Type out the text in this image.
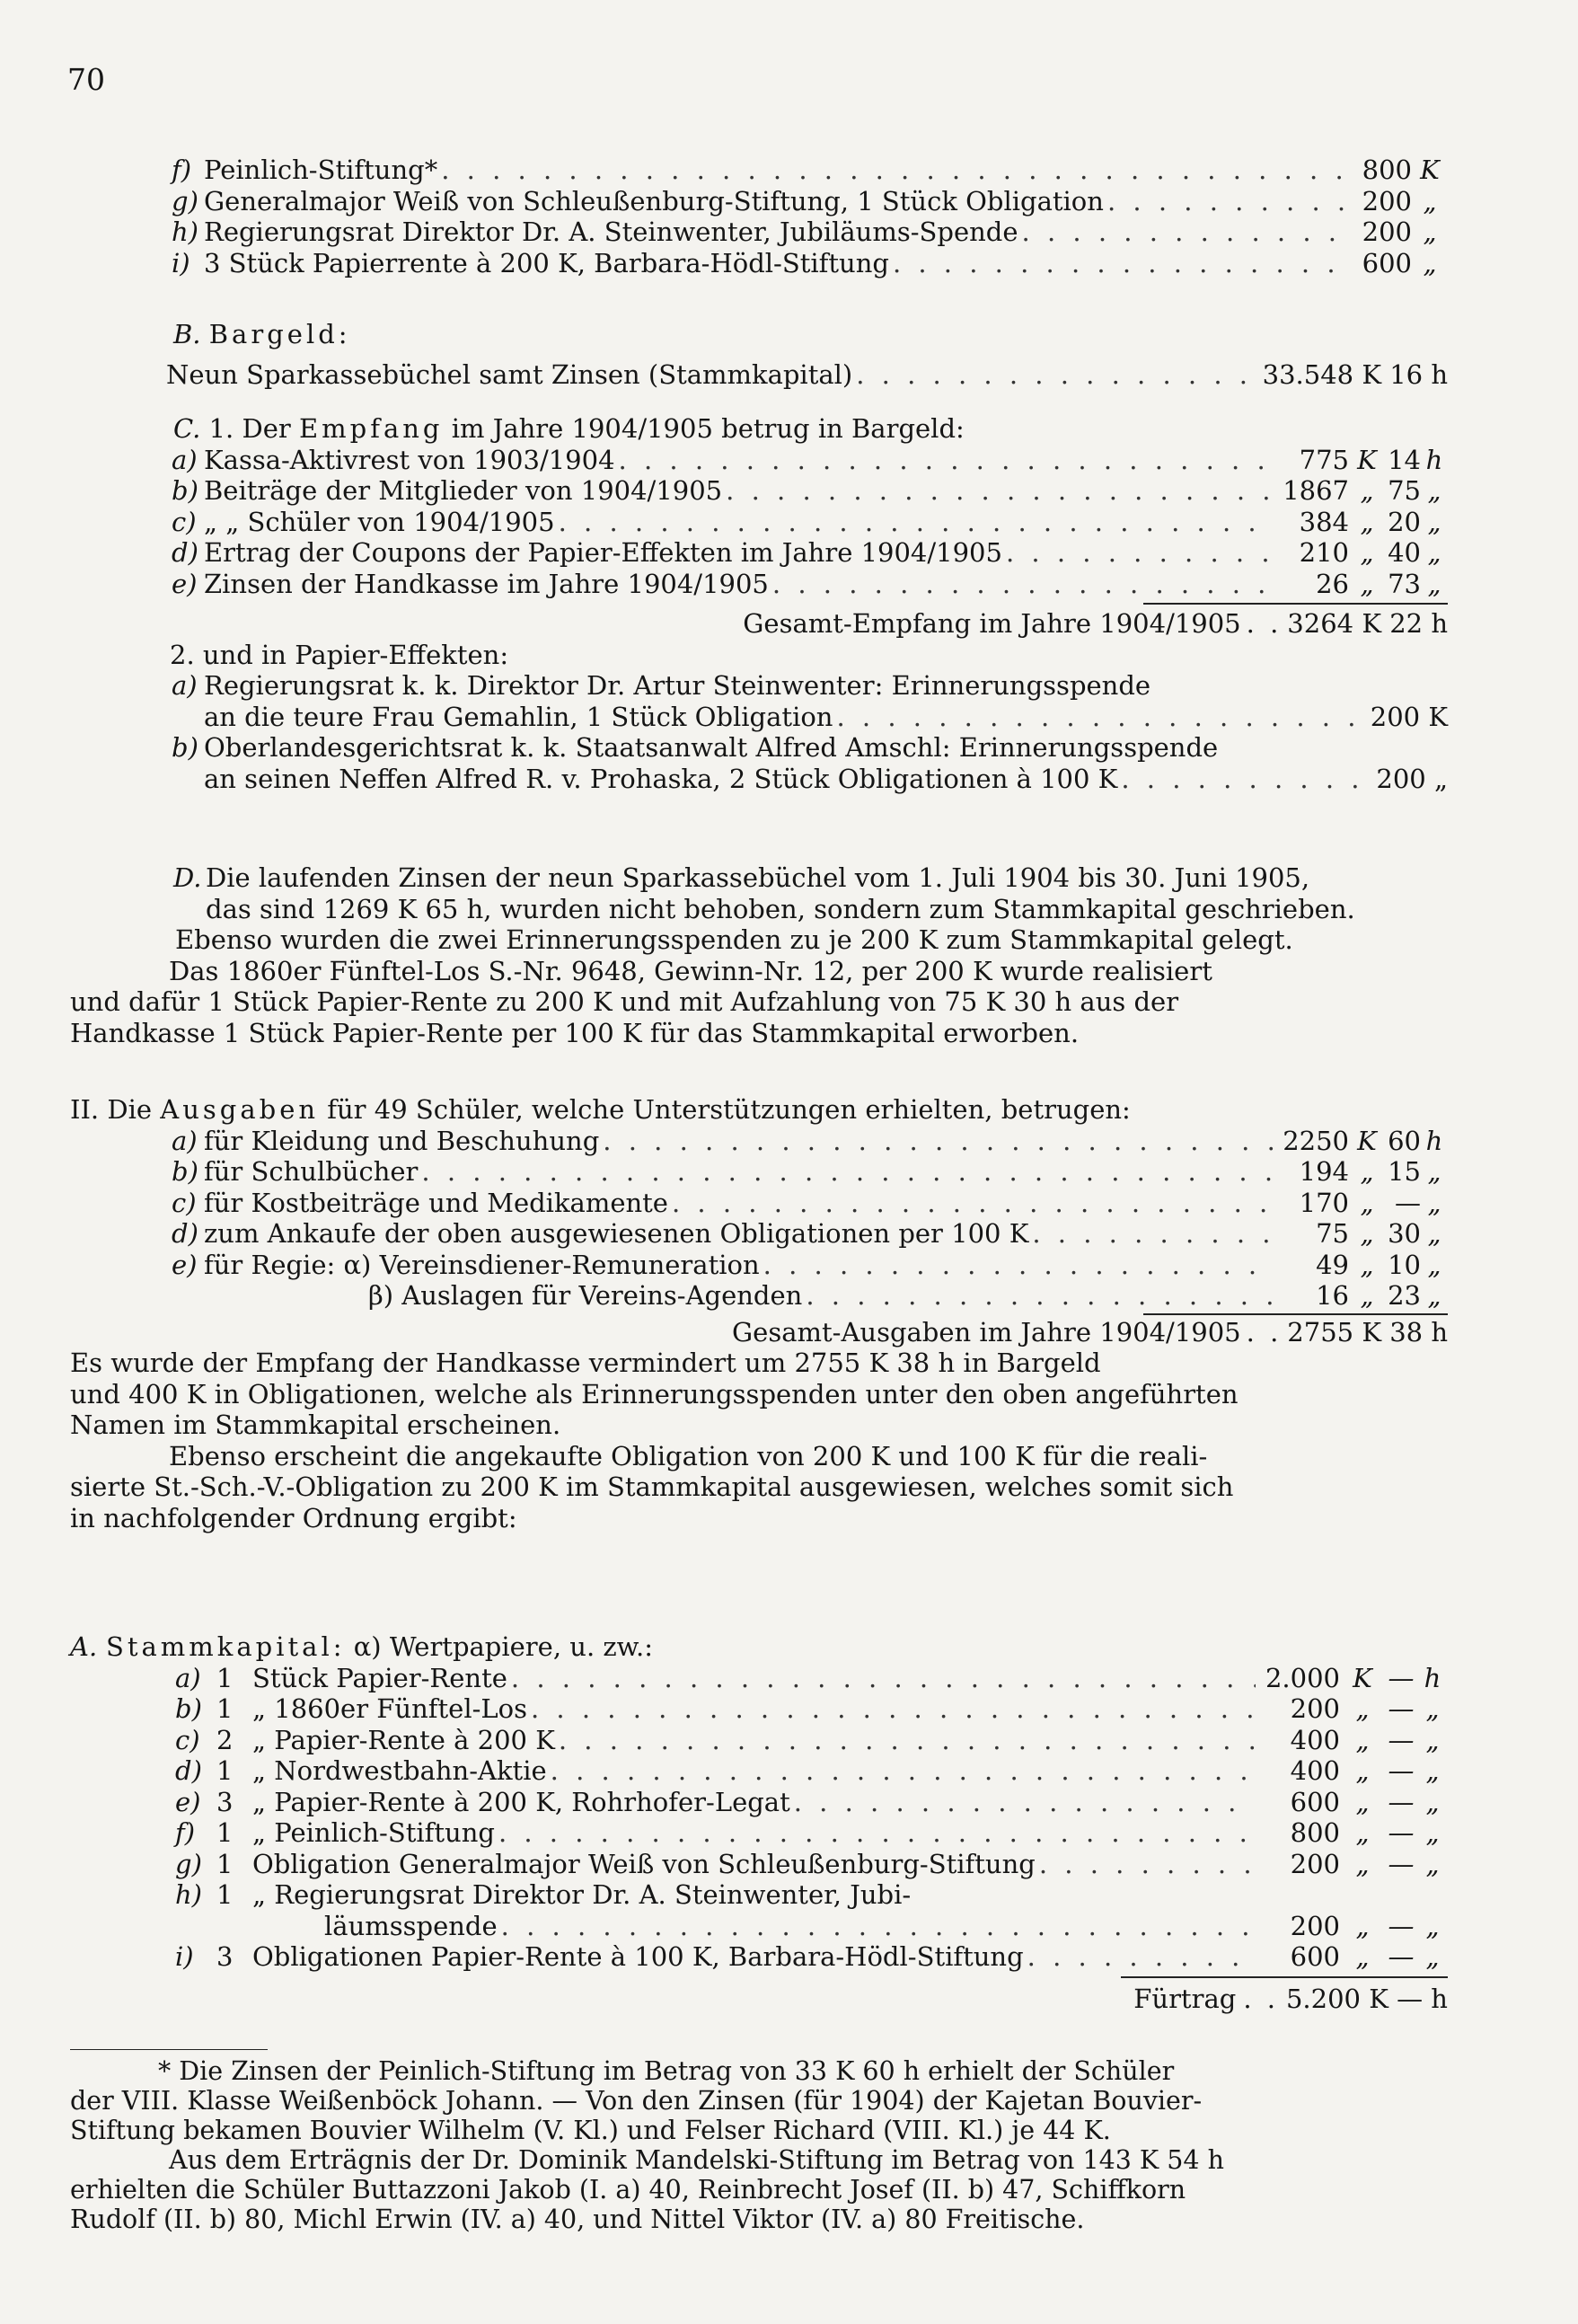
70
f) Peinlich-Stiftung* . . .	800 K
g) Generalmajor Weiß von Schleußenburg-Stiftung, 1 Stück Obligation . . .	200 „
h) Regierungsrat Direktor Dr. A. Steinwenter, Jubiläums-Spende . . .	200 „
i) 3 Stück Papierrente à 200 K, Barbara-Hödl-Stiftung . . .	600 „
B.
Bargeld:
Neun Sparkassebüchel samt Zinsen (Stammkapital) . . .	33.548 K 16 h
C.
1.
Der
Empfang
im Jahre 1904/1905 betrug in Bargeld:
a) Kassa-Aktivrest von 1903/1904 . . .	775 K 14 h
b) Beiträge der Mitglieder von 1904/1905 . . .	1867 „ 75 „
c) „ „ Schüler von 1904/1905 . . .	384 „ 20 „
d) Ertrag der Coupons der Papier-Effekten im Jahre 1904/1905 . . .	210 „ 40 „
e) Zinsen der Handkasse im Jahre 1904/1905 . . .	26 „ 73 „
Gesamt-Empfang im Jahre 1904/1905 . . 3264 K 22 h
2. und in Papier-Effekten:
a) Regierungsrat k. k. Direktor Dr. Artur Steinwenter: Erinnerungsspende
an die teure Frau Gemahlin, 1 Stück Obligation . . .	200 K
b) Oberlandesgerichtsrat k. k. Staatsanwalt Alfred Amschl: Erinnerungsspende
an seinen Neffen Alfred R. v. Prohaska, 2 Stück Obligationen à 100 K . . .	200 „
D. Die laufenden Zinsen der neun Sparkassebüchel vom 1. Juli 1904 bis 30. Juni 1905,
das sind 1269 K 65 h, wurden nicht behoben, sondern zum Stammkapital geschrieben.
Ebenso wurden die zwei Erinnerungsspenden zu je 200 K zum Stammkapital gelegt.
Das 1860er Fünftel-Los S.-Nr. 9648, Gewinn-Nr. 12, per 200 K wurde realisiert
und dafür 1 Stück Papier-Rente zu 200 K und mit Aufzahlung von 75 K 30 h aus der
Handkasse 1 Stück Papier-Rente per 100 K für das Stammkapital erworben.
II.
Die
Ausgaben
für 49 Schüler, welche Unterstützungen erhielten, betrugen:
a) für Kleidung und Beschuhung . . .	2250 K 60 h
b) für Schulbücher . . .	194 „ 15 „
c) für Kostbeiträge und Medikamente . . .	170 „ — „
d) zum Ankaufe der oben ausgewiesenen Obligationen per 100 K . . .	75 „ 30 „
e) für Regie: α) Vereinsdiener-Remuneration . . .	49 „ 10 „
β) Auslagen für Vereins-Agenden . . .	16 „ 23 „
Gesamt-Ausgaben im Jahre 1904/1905 . . 2755 K 38 h
Es wurde der Empfang der Handkasse vermindert um 2755 K 38 h in Bargeld
und 400 K in Obligationen, welche als Erinnerungsspenden unter den oben angeführten
Namen im Stammkapital erscheinen.
Ebenso erscheint die angekaufte Obligation von 200 K und 100 K für die reali-
sierte St.-Sch.-V.-Obligation zu 200 K im Stammkapital ausgewiesen, welches somit sich
in nachfolgender Ordnung ergibt:
A. Stammkapital:
α) Wertpapiere, u. zw.:
a) 1 Stück Papier-Rente . . .	2.000 K — h
b) 1 „ 1860er Fünftel-Los . . .	200 „ — „
c) 2 „ Papier-Rente à 200 K . . .	400 „ — „
d) 1 „ Nordwestbahn-Aktie . . .	400 „ — „
e) 3 „ Papier-Rente à 200 K, Rohrhofer-Legat . . .	600 „ — „
f) 1 „ Peinlich-Stiftung . . .	800 „ — „
g) 1 Obligation Generalmajor Weiß von Schleußenburg-Stiftung . . .	200 „ — „
h) 1 „ Regierungsrat Direktor Dr. A. Steinwenter, Jubi-
läumsspende . . .	200 „ — „
i) 3 Obligationen Papier-Rente à 100 K, Barbara-Hödl-Stiftung . . .	600 „ — „
Fürtrag . . 5.200 K — h
* Die Zinsen der Peinlich-Stiftung im Betrag von 33 K 60 h erhielt der Schüler
der VIII. Klasse Weißenböck Johann. — Von den Zinsen (für 1904) der Kajetan Bouvier-
Stiftung bekamen Bouvier Wilhelm (V. Kl.) und Felser Richard (VIII. Kl.) je 44 K.
Aus dem Erträgnis der Dr. Dominik Mandelski-Stiftung im Betrag von 143 K 54 h
erhielten die Schüler Buttazzoni Jakob (I. a) 40, Reinbrecht Josef (II. b) 47, Schiffkorn
Rudolf (II. b) 80, Michl Erwin (IV. a) 40, und Nittel Viktor (IV. a) 80 Freitische.
